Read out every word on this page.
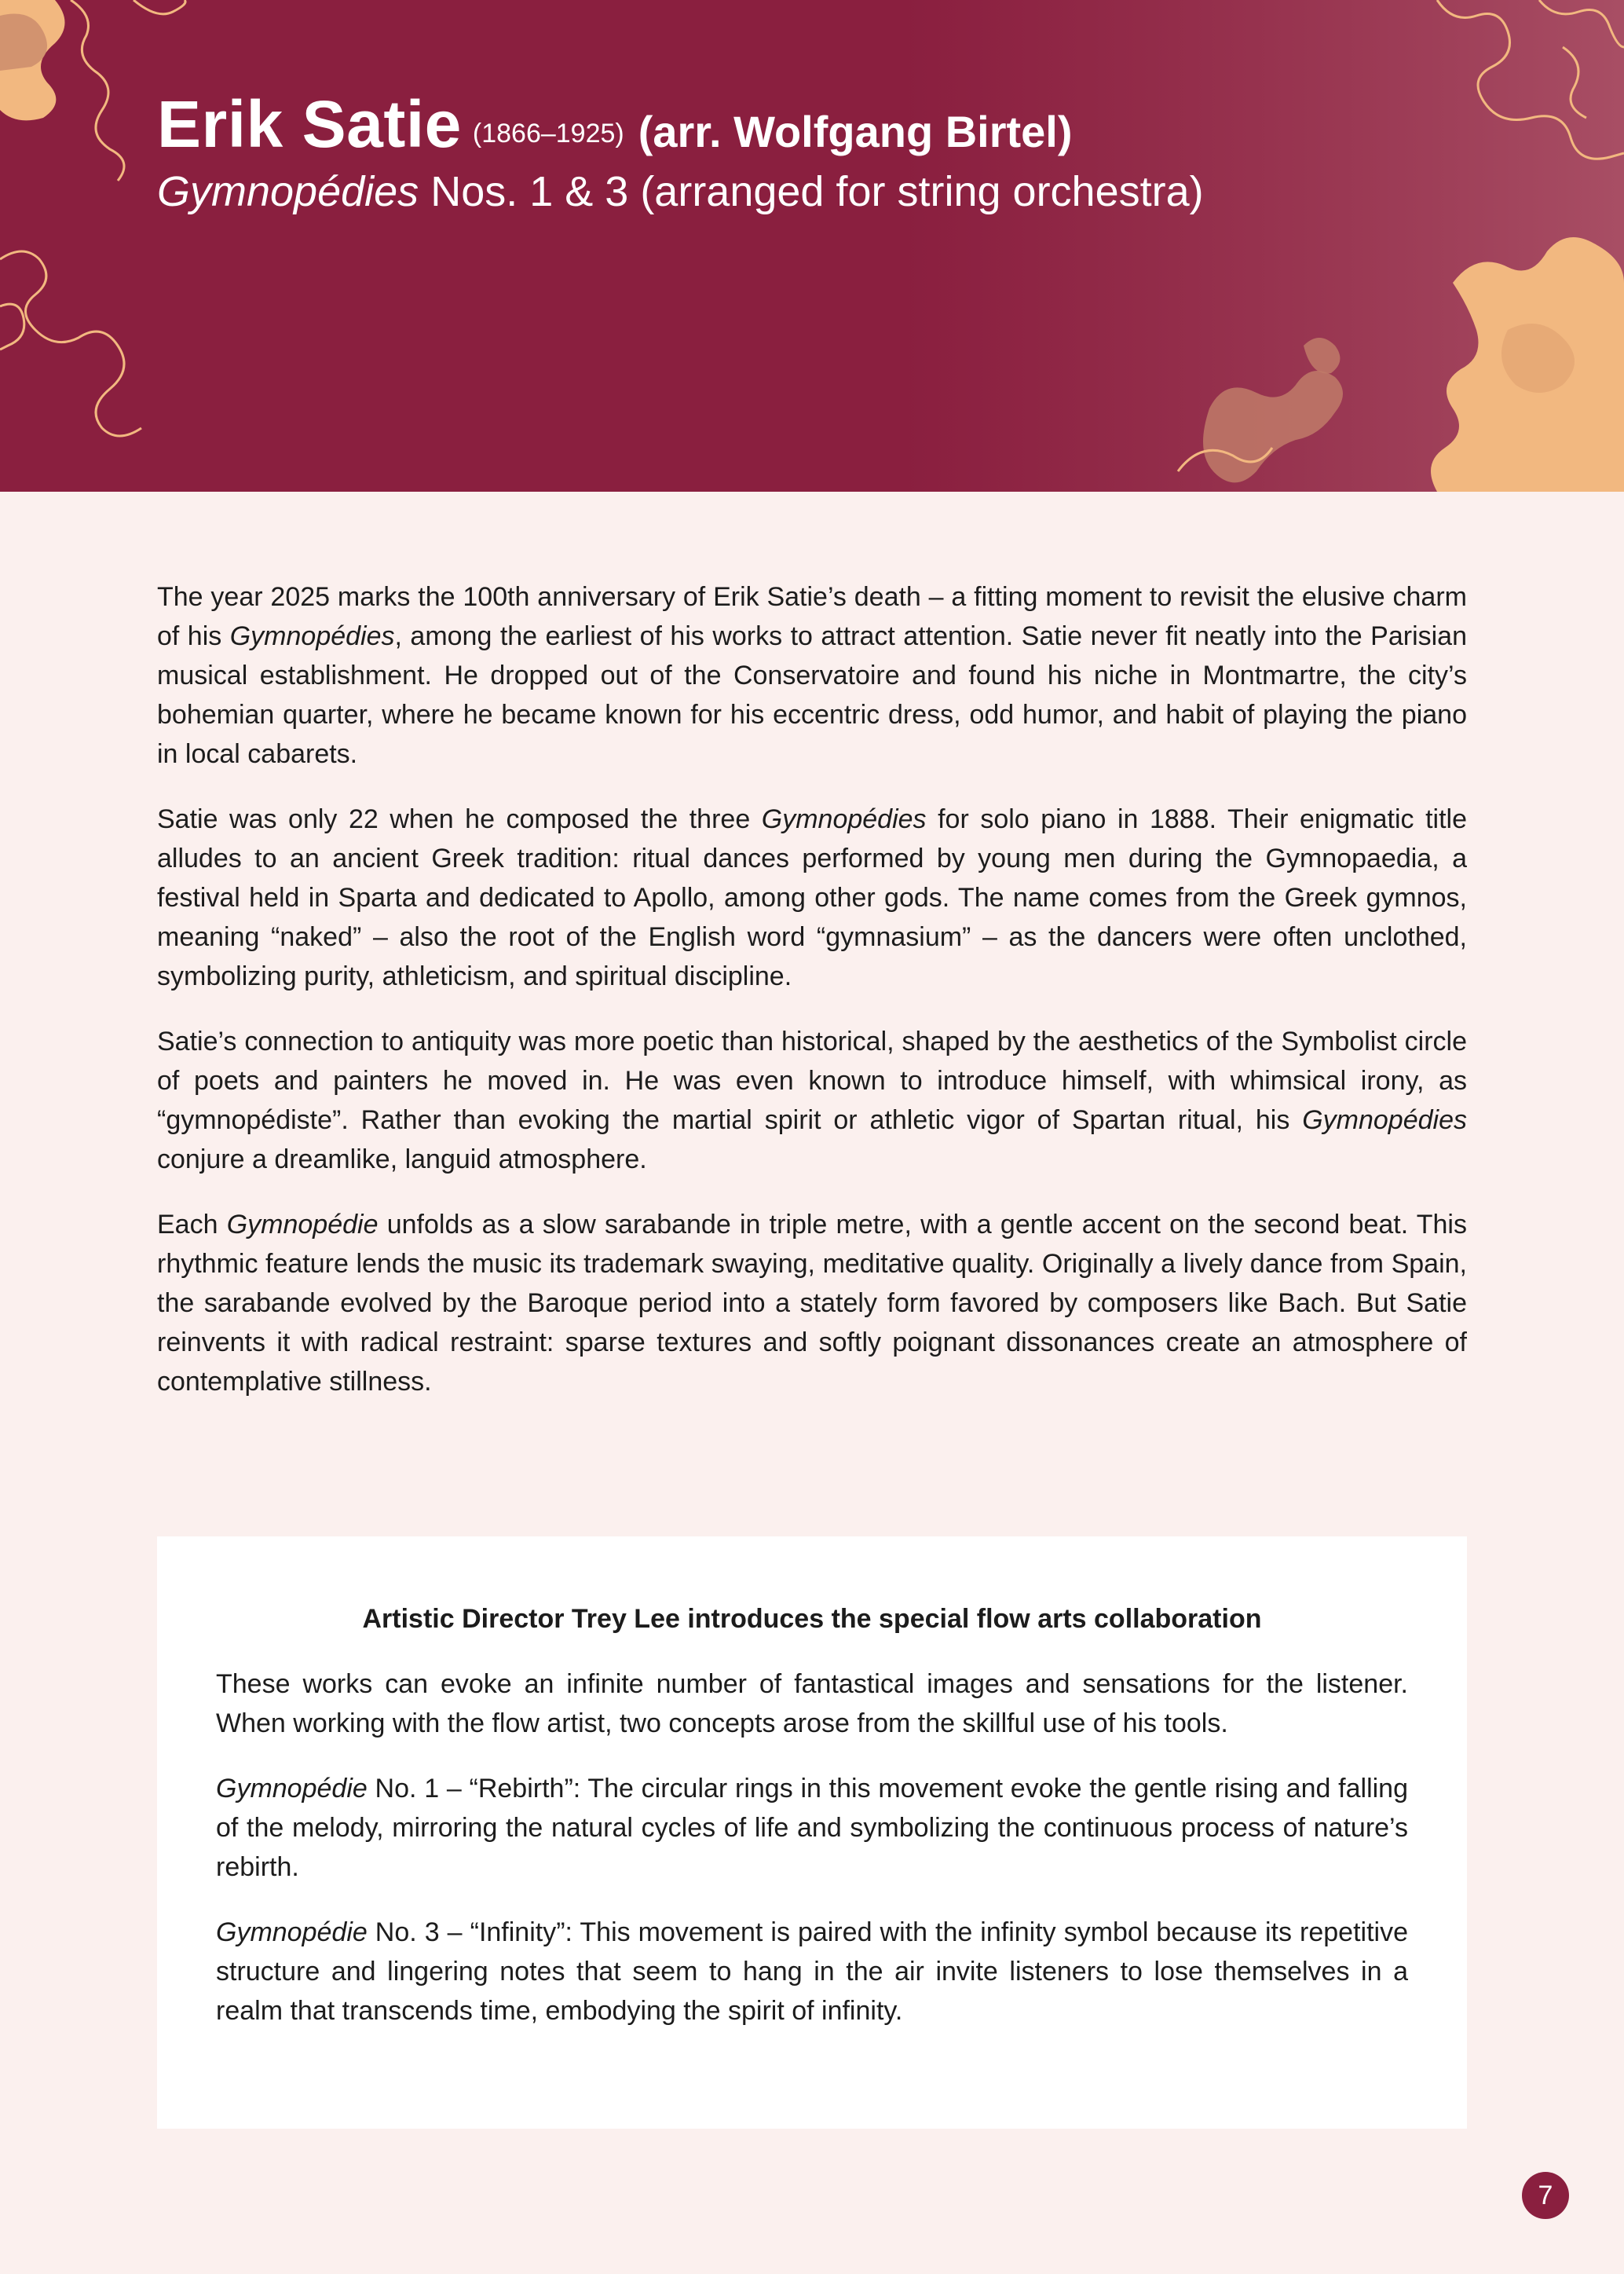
Erik Satie (1866–1925) (arr. Wolfgang Birtel)
Gymnopédies Nos. 1 & 3 (arranged for string orchestra)

The year 2025 marks the 100th anniversary of Erik Satie’s death – a fitting moment to revisit the elusive charm of his Gymnopédies, among the earliest of his works to attract attention. Satie never fit neatly into the Parisian musical establishment. He dropped out of the Conservatoire and found his niche in Montmartre, the city’s bohemian quarter, where he became known for his eccentric dress, odd humor, and habit of playing the piano in local cabarets.

Satie was only 22 when he composed the three Gymnopédies for solo piano in 1888. Their enigmatic title alludes to an ancient Greek tradition: ritual dances performed by young men during the Gymnopaedia, a festival held in Sparta and dedicated to Apollo, among other gods. The name comes from the Greek gymnos, meaning “naked” – also the root of the English word “gymnasium” – as the dancers were often unclothed, symbolizing purity, athleticism, and spiritual discipline.

Satie’s connection to antiquity was more poetic than historical, shaped by the aesthetics of the Symbolist circle of poets and painters he moved in. He was even known to introduce himself, with whimsical irony, as “gymnopédiste”. Rather than evoking the martial spirit or athletic vigor of Spartan ritual, his Gymnopédies conjure a dreamlike, languid atmosphere.

Each Gymnopédie unfolds as a slow sarabande in triple metre, with a gentle accent on the second beat. This rhythmic feature lends the music its trademark swaying, meditative quality. Originally a lively dance from Spain, the sarabande evolved by the Baroque period into a stately form favored by composers like Bach. But Satie reinvents it with radical restraint: sparse textures and softly poignant dissonances create an atmosphere of contemplative stillness.

Artistic Director Trey Lee introduces the special flow arts collaboration

These works can evoke an infinite number of fantastical images and sensations for the listener. When working with the flow artist, two concepts arose from the skillful use of his tools.

Gymnopédie No. 1 – “Rebirth”: The circular rings in this movement evoke the gentle rising and falling of the melody, mirroring the natural cycles of life and symbolizing the continuous process of nature’s rebirth.

Gymnopédie No. 3 – “Infinity”: This movement is paired with the infinity symbol because its repetitive structure and lingering notes that seem to hang in the air invite listeners to lose themselves in a realm that transcends time, embodying the spirit of infinity.

7
